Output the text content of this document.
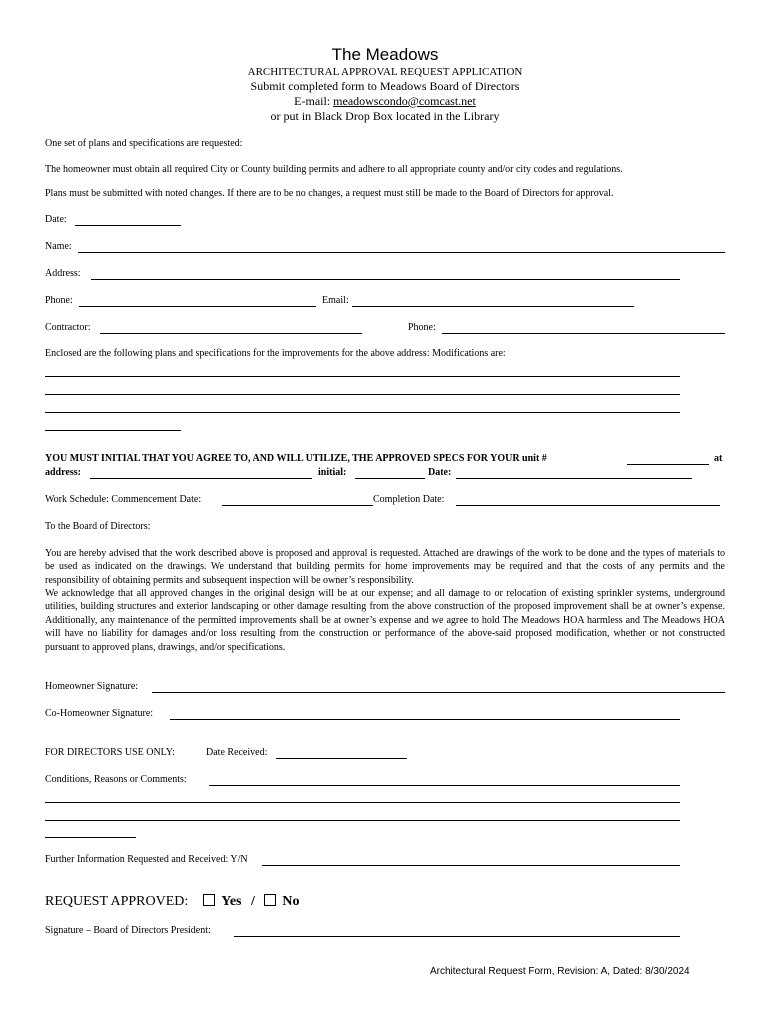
The Meadows
ARCHITECTURAL APPROVAL REQUEST APPLICATION
Submit completed form to Meadows Board of Directors
E-mail: meadowscondo@comcast.net
or put in Black Drop Box located in the Library
One set of plans and specifications are requested:
The homeowner must obtain all required City or County building permits and adhere to all appropriate county and/or city codes and regulations.
Plans must be submitted with noted changes. If there are to be no changes, a request must still be made to the Board of Directors for approval.
Date:
Name:
Address:
Phone:	Email:
Contractor:	Phone:
Enclosed are the following plans and specifications for the improvements for the above address: Modifications are:
YOU MUST INITIAL THAT YOU AGREE TO, AND WILL UTILIZE, THE APPROVED SPECS FOR YOUR unit #	at
address:	initial:	Date:
Work Schedule: Commencement Date:	Completion Date:
To the Board of Directors:
You are hereby advised that the work described above is proposed and approval is requested. Attached are drawings of the work to be done and the types of materials to be used as indicated on the drawings. We understand that building permits for home improvements may be required and that the costs of any permits and the responsibility of obtaining permits and subsequent inspection will be owner’s responsibility.
We acknowledge that all approved changes in the original design will be at our expense; and all damage to or relocation of existing sprinkler systems, underground utilities, building structures and exterior landscaping or other damage resulting from the above construction of the proposed improvement shall be at owner’s expense. Additionally, any maintenance of the permitted improvements shall be at owner’s expense and we agree to hold The Meadows HOA harmless and The Meadows HOA will have no liability for damages and/or loss resulting from the construction or performance of the above-said proposed modification, whether or not constructed pursuant to approved plans, drawings, and/or specifications.
Homeowner Signature:
Co-Homeowner Signature:
FOR DIRECTORS USE ONLY:	Date Received:
Conditions, Reasons or Comments:
Further Information Requested and Received: Y/N
REQUEST APPROVED: Yes / No
Signature – Board of Directors President:
Architectural Request Form, Revision: A, Dated: 8/30/2024
